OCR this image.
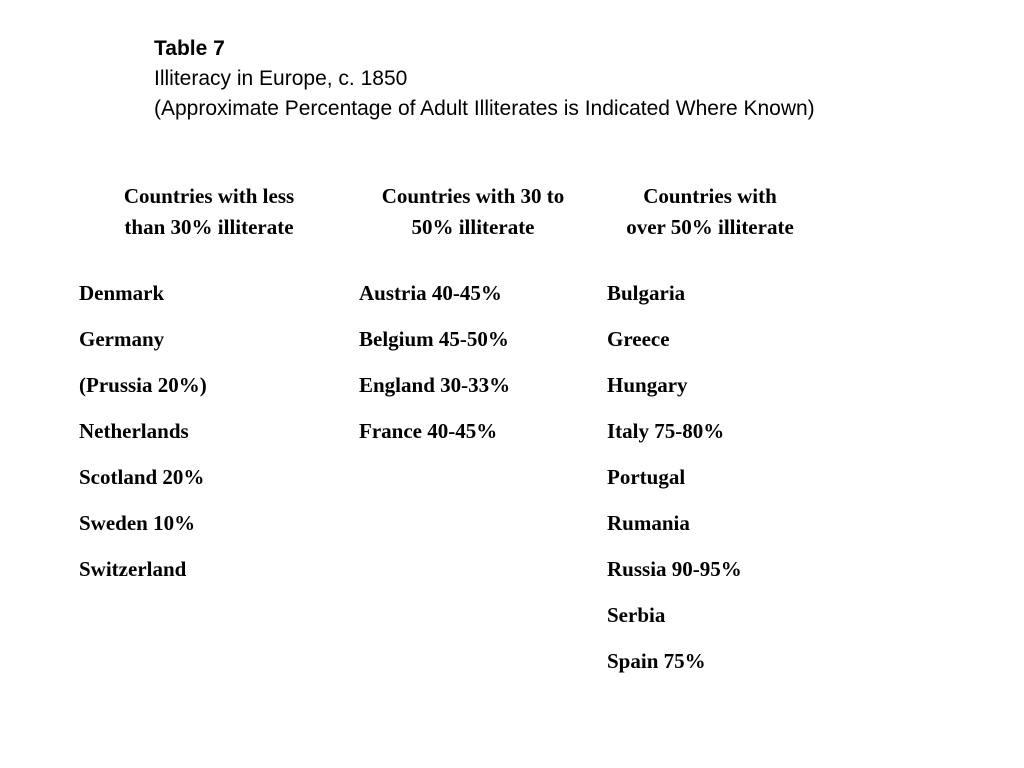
Table 7
Illiteracy in Europe, c. 1850
(Approximate Percentage of Adult Illiterates is Indicated Where Known)
Countries with less
than 30% illiterate
Countries with 30 to
50% illiterate
Countries with
over 50% illiterate
Denmark
Germany
(Prussia 20%)
Netherlands
Scotland 20%
Sweden 10%
Switzerland
Austria 40-45%
Belgium 45-50%
England 30-33%
France 40-45%
Bulgaria
Greece
Hungary
Italy 75-80%
Portugal
Rumania
Russia 90-95%
Serbia
Spain 75%
